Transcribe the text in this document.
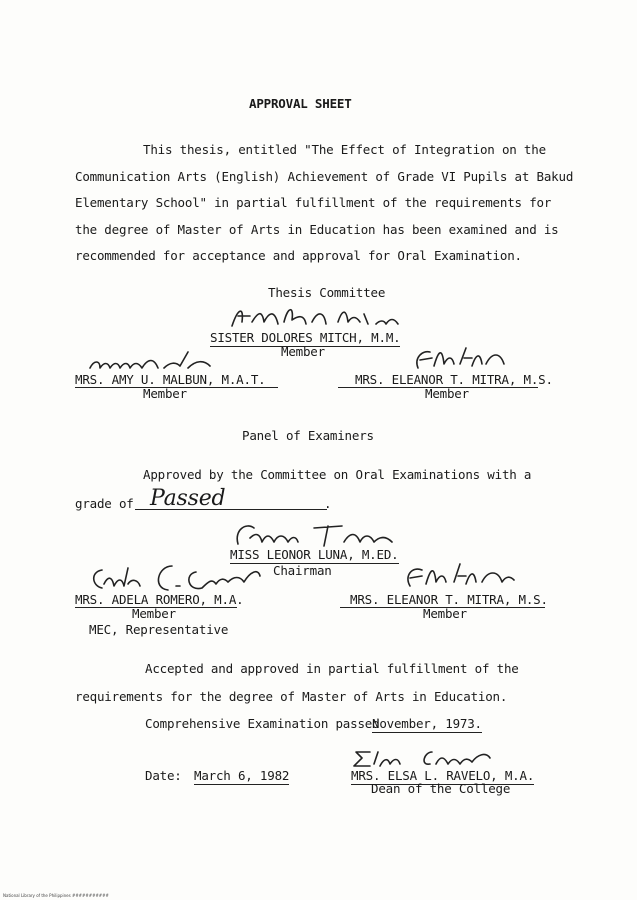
APPROVAL SHEET
This thesis, entitled "The Effect of Integration on the
Communication Arts (English) Achievement of Grade VI Pupils at Bakud
Elementary School" in partial fulfillment of the requirements for
the degree of Master of Arts in Education has been examined and is
recommended for acceptance and approval for Oral Examination.
Thesis Committee
SISTER DOLORES MITCH, M.M.
Member
MRS. AMY U. MALBUN, M.A.T.
Member
MRS. ELEANOR T. MITRA, M.S.
Member
Panel of Examiners
Approved by the Committee on Oral Examinations with a
grade of Passed	.
MISS LEONOR LUNA, M.ED.
Chairman
MRS. ADELA ROMERO, M.A.
Member
MEC, Representative
MRS. ELEANOR T. MITRA, M.S.
Member
Accepted and approved in partial fulfillment of the
requirements for the degree of Master of Arts in Education.
Comprehensive Examination passed
November, 1973.
Date: March 6, 1982	MRS. ELSA L. RAVELO, M.A.
Dean of the College
National Library of the Philippines ###########
